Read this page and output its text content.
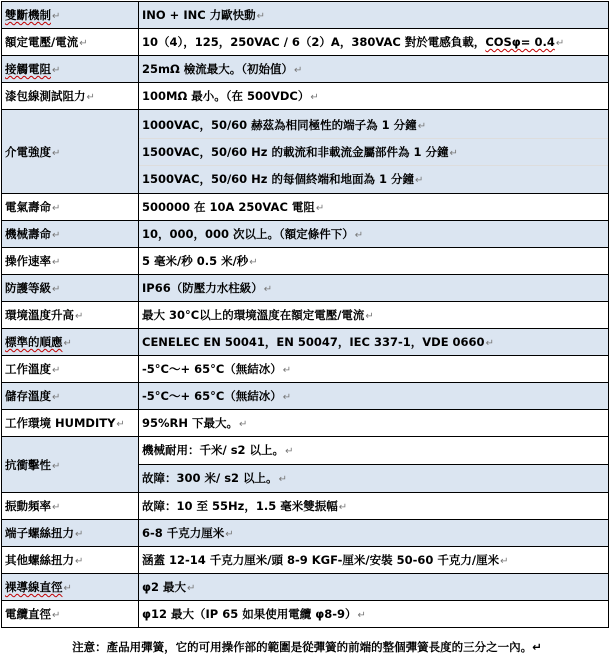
雙斷機制↵	INO + INC 力歐快動↵
額定電壓/電流↵	10（4），125，250VAC / 6（2）A，380VAC 對於電感負載，COSφ= 0.4↵
接觸電阻↵	25mΩ 檢流最大。（初始值）↵
漆包線測試阻力↵	100MΩ 最小。（在 500VDC）↵
介電強度↵	1000VAC，50/60 赫茲為相同極性的端子為 1 分鐘↵
1500VAC，50/60 Hz 的載流和非載流金屬部件為 1 分鐘↵
1500VAC，50/60 Hz 的每個終端和地面為 1 分鐘↵

電氣壽命↵	500000 在 10A 250VAC 電阻↵
機械壽命↵	10，000，000 次以上。（額定條件下）↵
操作速率↵	5 毫米/秒 0.5 米/秒↵
防護等級↵	IP66（防壓力水柱級）↵
環境溫度升高↵	最大 30°C以上的環境溫度在額定電壓/電流↵
標準的順應↵	CENELEC EN 50041，EN 50047，IEC 337-1，VDE 0660↵
工作溫度↵	-5°C～+ 65°C（無結冰）↵
儲存溫度↵	-5°C～+ 65°C（無結冰）↵
工作環境 HUMDITY↵	95%RH 下最大。↵
抗衝擊性↵	機械耐用：千米/ s2 以上。↵
故障：300 米/ s2 以上。↵

振動頻率↵	故障：10 至 55Hz，1.5 毫米雙振幅↵
端子螺絲扭力↵	6-8 千克力厘米↵
其他螺絲扭力↵	涵蓋 12-14 千克力厘米/頭 8-9 KGF-厘米/安裝 50-60 千克力/厘米↵
裸導線直徑↵	φ2 最大↵
電纜直徑↵	φ12 最大（IP 65 如果使用電纜 φ8-9）↵
注意：產品用彈簧，它的可用操作部的範圍是從彈簧的前端的整個彈簧長度的三分之一內。↵
